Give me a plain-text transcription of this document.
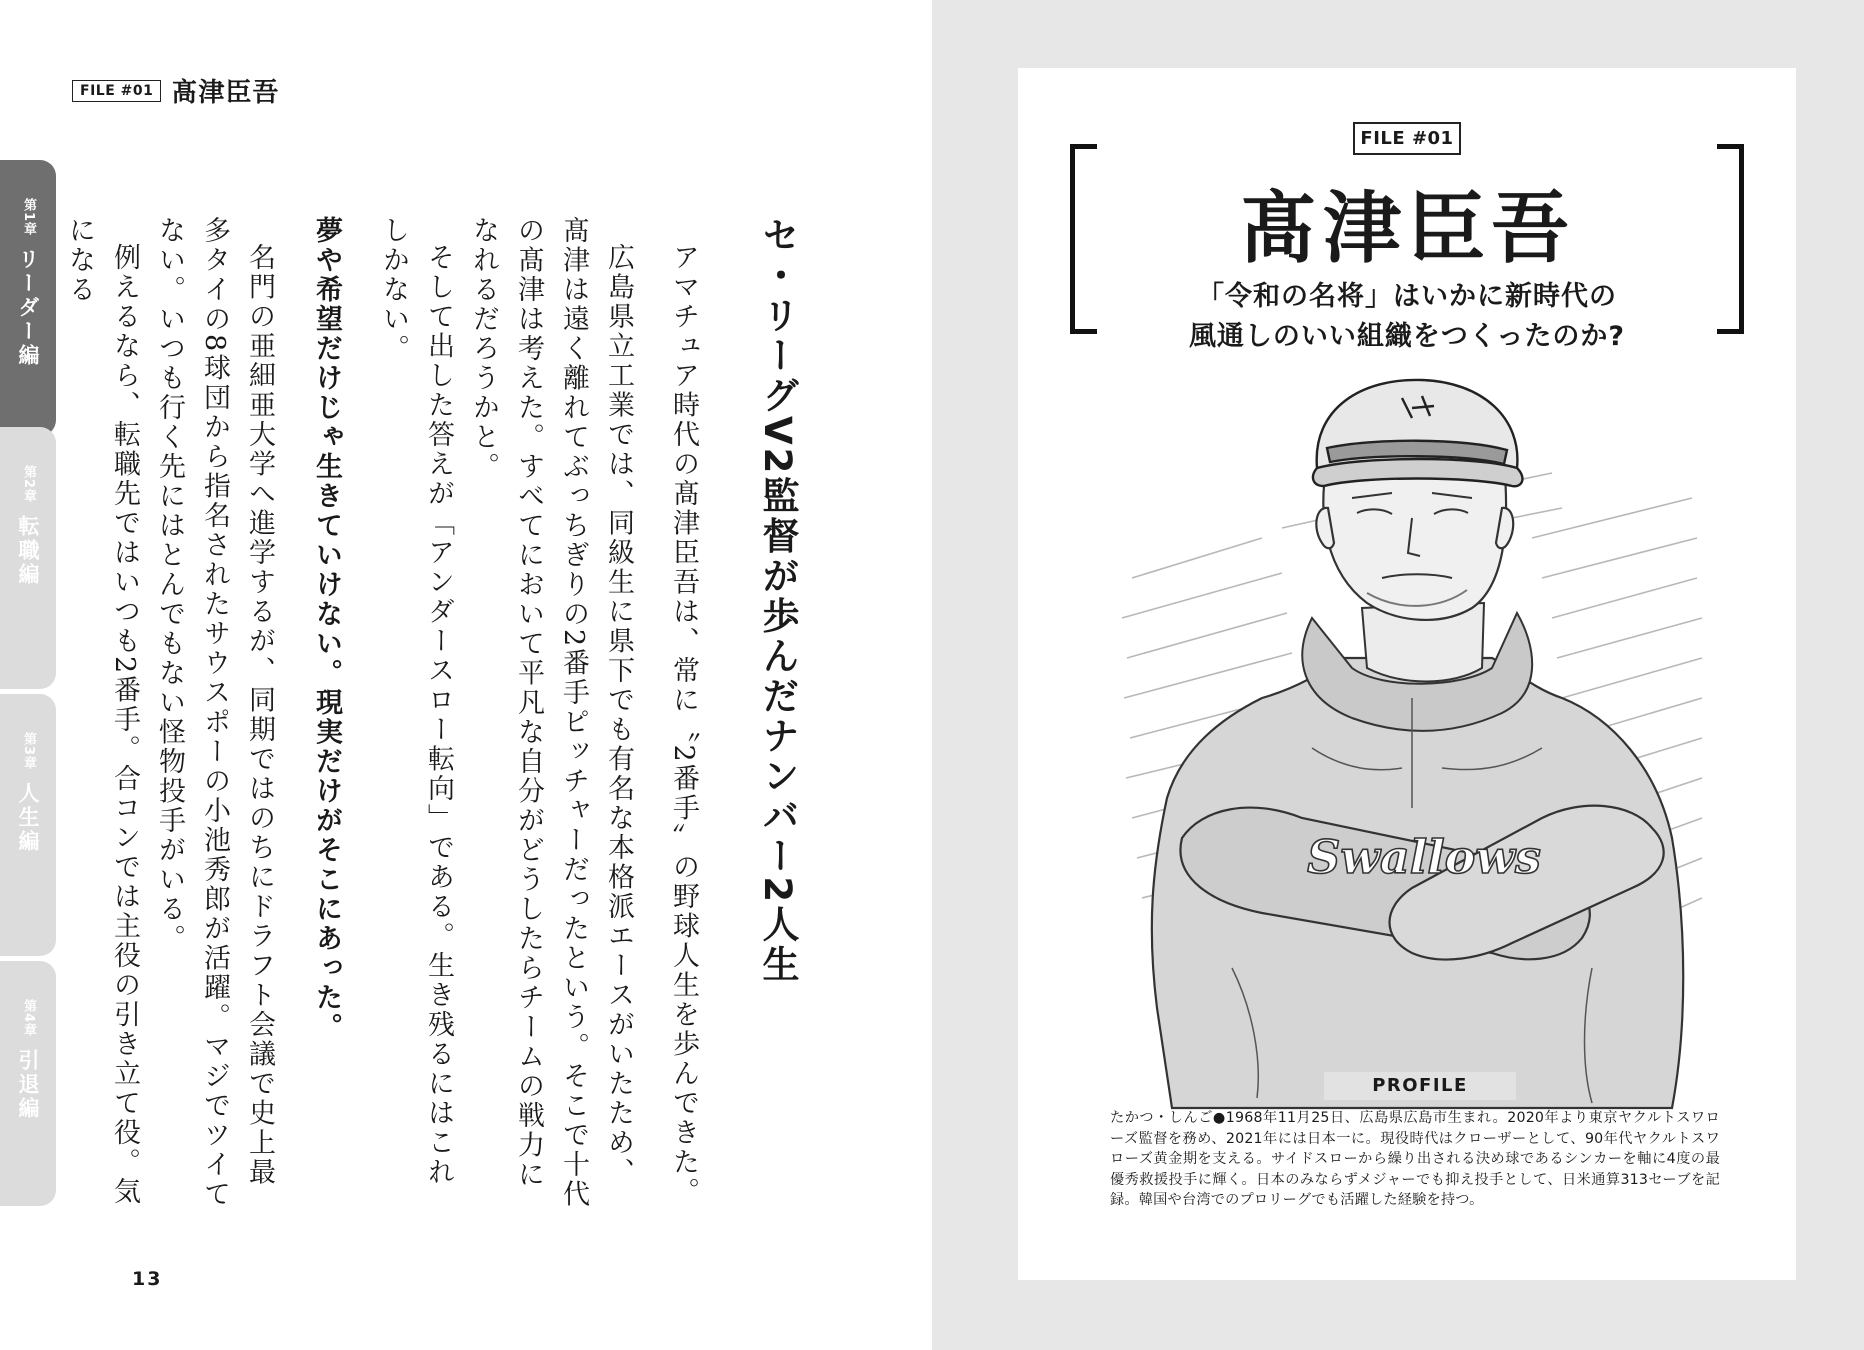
FILE #01 髙津臣吾
第1章 リーダー編
第2章 転職編
第3章 人生編
第4章 引退編
セ・リーグV2監督が歩んだナンバー2人生

アマチュア時代の髙津臣吾は、常に〝2番手〟の野球人生を歩んできた。

広島県立工業では、同級生に県下でも有名な本格派エースがいたため、髙津は遠く離れてぶっちぎりの2番手ピッチャーだったという。そこで十代の髙津は考えた。すべてにおいて平凡な自分がどうしたらチームの戦力になれるだろうかと。

そして出した答えが「アンダースロー転向」である。生き残るにはこれしかない。

夢や希望だけじゃ生きていけない。現実だけがそこにあった。

名門の亜細亜大学へ進学するが、同期ではのちにドラフト会議で史上最多タイの8球団から指名されたサウスポーの小池秀郎が活躍。マジでツイてない。いつも行く先にはとんでもない怪物投手がいる。

例えるなら、転職先ではいつも2番手。合コンでは主役の引き立て役。気になる

13
FILE #01
髙津臣吾
「令和の名将」はいかに新時代の
風通しのいい組織をつくったのか?
Swallows
PROFILE
たかつ・しんご●1968年11月25日、広島県広島市生まれ。2020年より東京ヤクルトスワローズ監督を務め、2021年には日本一に。現役時代はクローザーとして、90年代ヤクルトスワローズ黄金期を支える。サイドスローから繰り出される決め球であるシンカーを軸に4度の最優秀救援投手に輝く。日本のみならずメジャーでも抑え投手として、日米通算313セーブを記録。韓国や台湾でのプロリーグでも活躍した経験を持つ。
